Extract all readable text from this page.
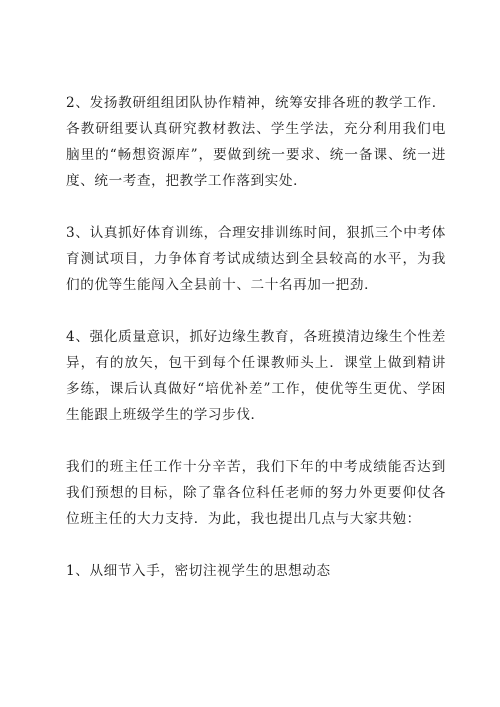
2、发扬教研组组团队协作精神，统筹安排各班的教学工作．各教研组要认真研究教材教法、学生学法，充分利用我们电脑里的“畅想资源库”，要做到统一要求、统一备课、统一进度、统一考查，把教学工作落到实处．

3、认真抓好体育训练，合理安排训练时间，狠抓三个中考体育测试项目，力争体育考试成绩达到全县较高的水平，为我们的优等生能闯入全县前十、二十名再加一把劲．

4、强化质量意识，抓好边缘生教育，各班摸清边缘生个性差异，有的放矢，包干到每个任课教师头上．课堂上做到精讲多练，课后认真做好“培优补差”工作，使优等生更优、学困生能跟上班级学生的学习步伐．

我们的班主任工作十分辛苦，我们下年的中考成绩能否达到我们预想的目标，除了靠各位科任老师的努力外更要仰仗各位班主任的大力支持．为此，我也提出几点与大家共勉：

1、从细节入手，密切注视学生的思想动态
